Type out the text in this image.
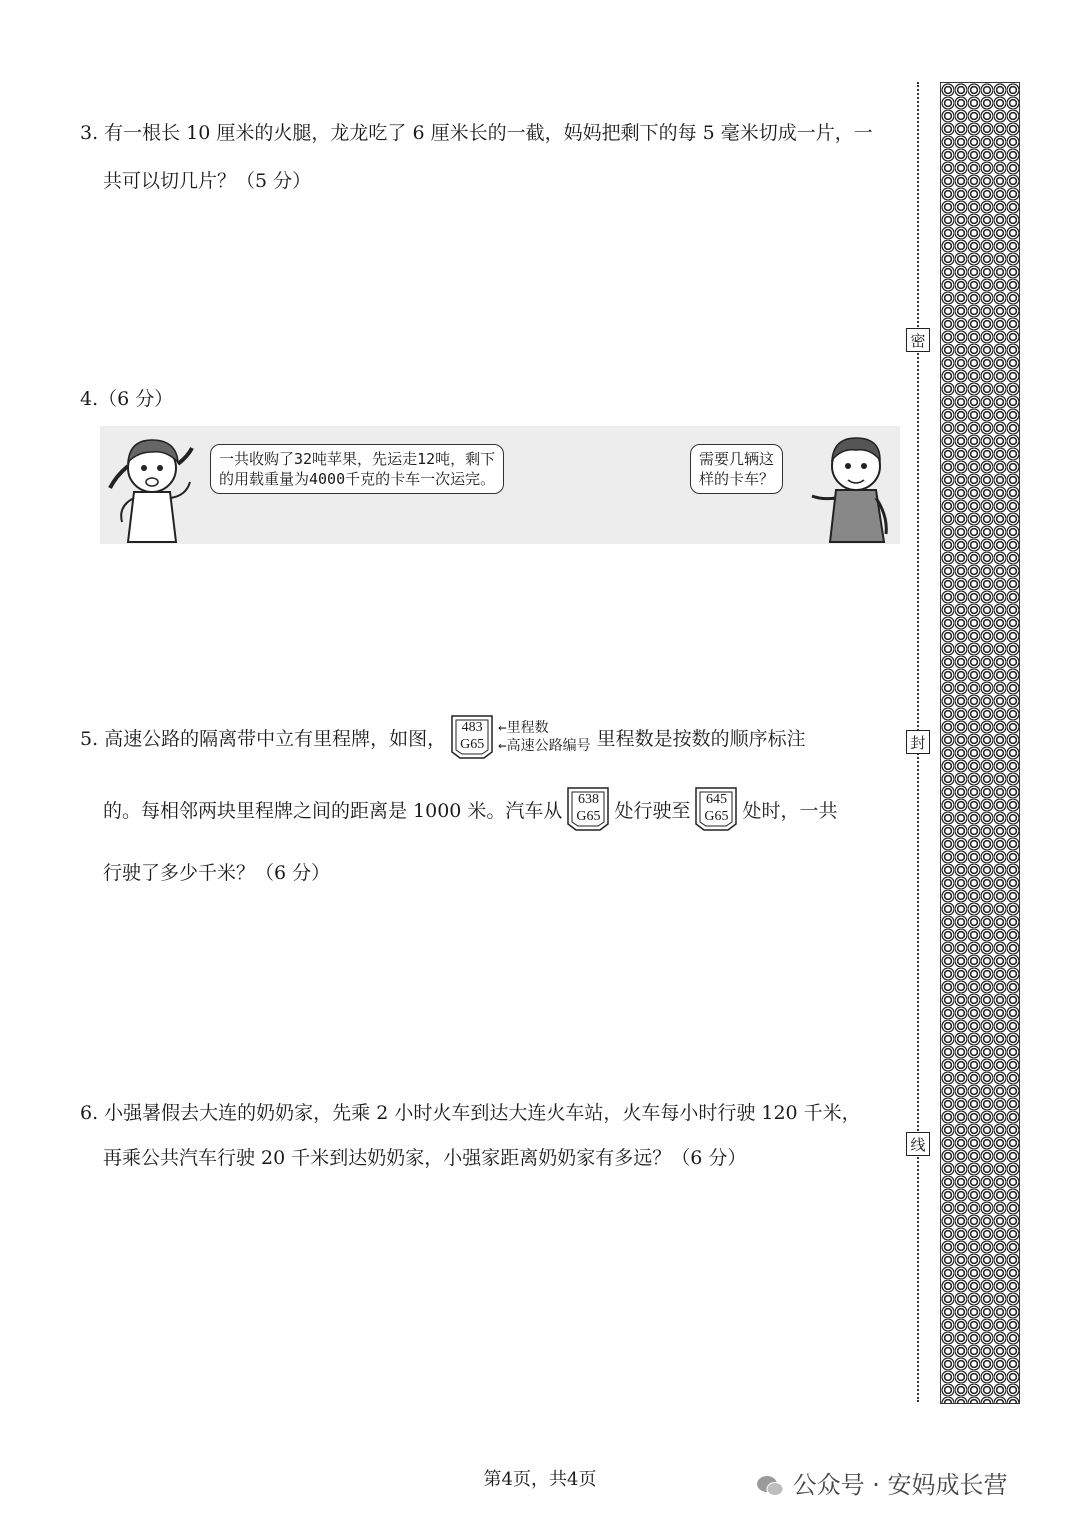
3. 有一根长 10 厘米的火腿，龙龙吃了 6 厘米长的一截，妈妈把剩下的每 5 毫米切成一片，一
共可以切几片？（5 分）
4.（6 分）
一共收购了32吨苹果，先运走12吨，剩下
的用载重量为4000千克的卡车一次运完。
需要几辆这
样的卡车？
5. 高速公路的隔离带中立有里程牌，如图，	483
G65
←里程数
←高速公路编号 里程数是按数的顺序标注
的。每相邻两块里程牌之间的距离是 1000 米。汽车从	638
G65 处行驶至	645
G65 处时，一共
行驶了多少千米？（6 分）
6. 小强暑假去大连的奶奶家，先乘 2 小时火车到达大连火车站，火车每小时行驶 120 千米，
再乘公共汽车行驶 20 千米到达奶奶家，小强家距离奶奶家有多远？（6 分）
密
封
线
第4页，共4页	公众号 · 安妈成长营
